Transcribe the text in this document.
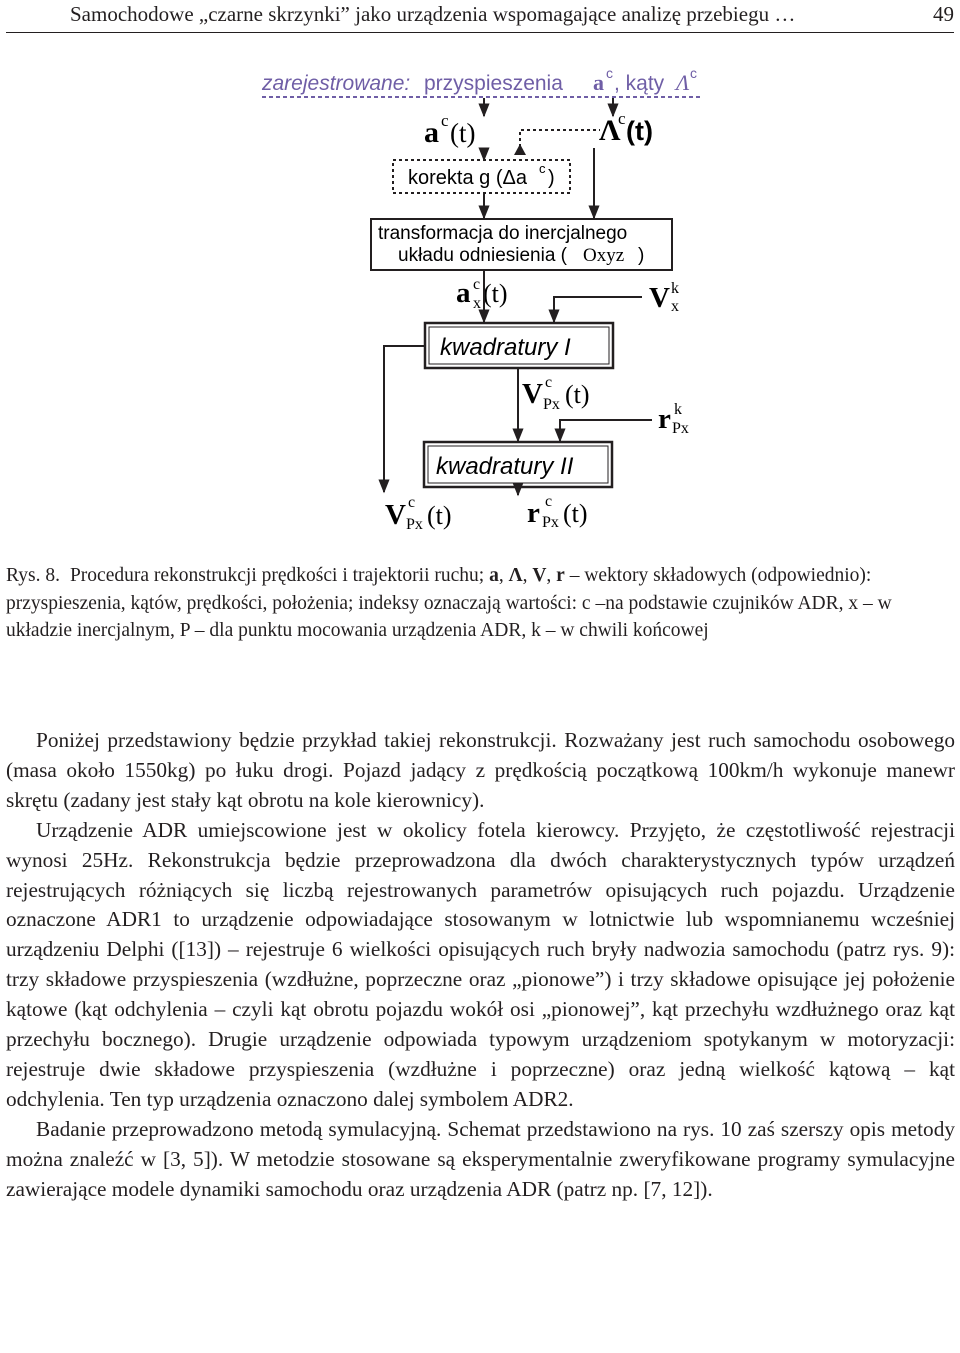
Samochodowe „czarne skrzynki” jako urządzenia wspomagające analizę przebiegu …	49
zarejestrowane: przyspieszenia a c , kąty Λ c
a c (t)	Λ
c (t)
korekta g (Δa c )
transformacja do inercjalnego
układu odniesienia ( Oxyz )
a c
x (t)	V k
x
kwadratury I
V c
Px (t)
r k
Px
kwadratury II
V c
Px (t)	r c
Px (t)
Rys. 8. Procedura rekonstrukcji prędkości i trajektorii ruchu; a, Λ, V, r – wektory składowych (odpowiednio): przyspieszenia, kątów, prędkości, położenia; indeksy oznaczają wartości: c –na podstawie czujników ADR, x – w układzie inercjalnym, P – dla punktu mocowania urządzenia ADR, k – w chwili końcowej

Poniżej przedstawiony będzie przykład takiej rekonstrukcji. Rozważany jest ruch samochodu osobowego (masa około 1550kg) po łuku drogi. Pojazd jadący z prędkością początkową 100km/h wykonuje manewr skrętu (zadany jest stały kąt obrotu na kole kierownicy).

Urządzenie ADR umiejscowione jest w okolicy fotela kierowcy. Przyjęto, że częstotliwość rejestracji wynosi 25Hz. Rekonstrukcja będzie przeprowadzona dla dwóch charakterystycznych typów urządzeń rejestrujących różniących się liczbą rejestrowanych parametrów opisujących ruch pojazdu. Urządzenie oznaczone ADR1 to urządzenie odpowiadające stosowanym w lotnictwie lub wspomnianemu wcześniej urządzeniu Delphi ([13]) – rejestruje 6 wielkości opisujących ruch bryły nadwozia samochodu (patrz rys. 9): trzy składowe przyspieszenia (wzdłużne, poprzeczne oraz „pionowe”) i trzy składowe opisujące jej położenie kątowe (kąt odchylenia – czyli kąt obrotu pojazdu wokół osi „pionowej”, kąt przechyłu wzdłużnego oraz kąt przechyłu bocznego). Drugie urządzenie odpowiada typowym urządzeniom spotykanym w motoryzacji: rejestruje dwie składowe przyspieszenia (wzdłużne i poprzeczne) oraz jedną wielkość kątową – kąt odchylenia. Ten typ urządzenia oznaczono dalej symbolem ADR2.

Badanie przeprowadzono metodą symulacyjną. Schemat przedstawiono na rys. 10 zaś szerszy opis metody można znaleźć w [3, 5]). W metodzie stosowane są eksperymentalnie zweryfikowane programy symulacyjne zawierające modele dynamiki samochodu oraz urządzenia ADR (patrz np. [7, 12]).
